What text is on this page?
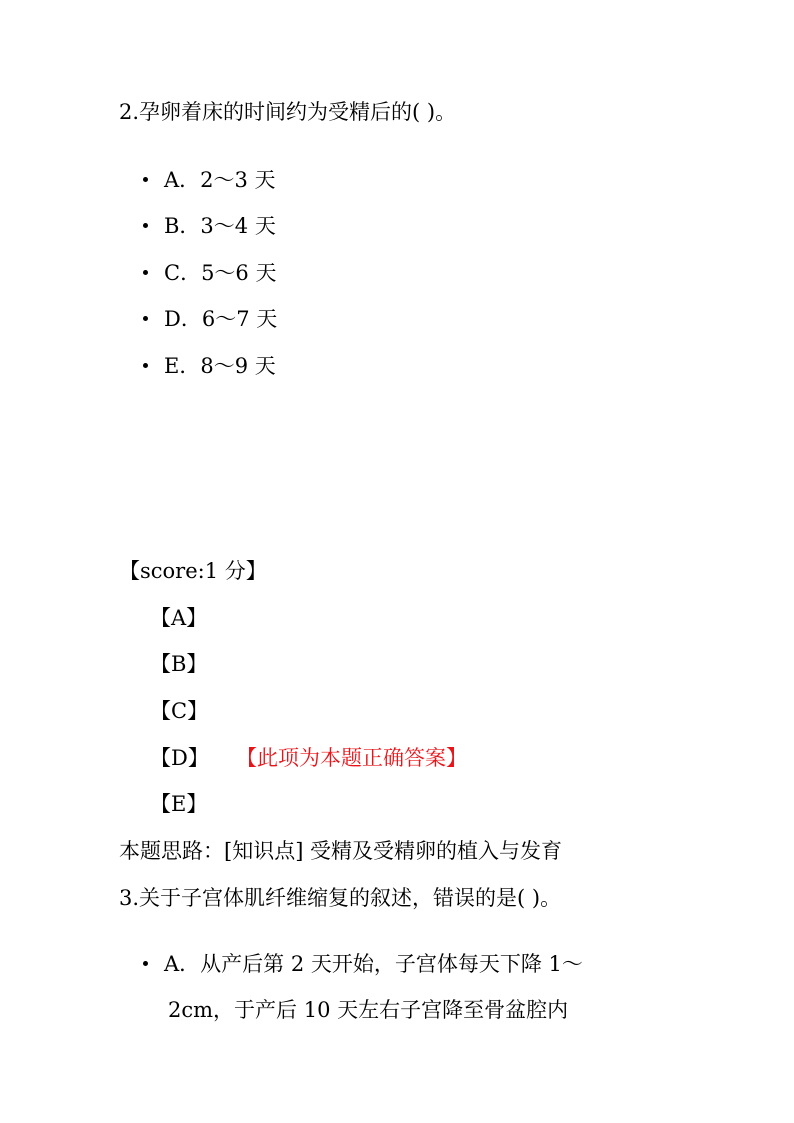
2.孕卵着床的时间约为受精后的( )。
A．2～3 天
B．3～4 天
C．5～6 天
D．6～7 天
E．8～9 天
【score:1 分】
【A】
【B】
【C】
【D】 【此项为本题正确答案】
【E】
本题思路：[知识点] 受精及受精卵的植入与发育
3.关于子宫体肌纤维缩复的叙述，错误的是( )。
A．从产后第 2 天开始，子宫体每天下降 1～
2cm，于产后 10 天左右子宫降至骨盆腔内
